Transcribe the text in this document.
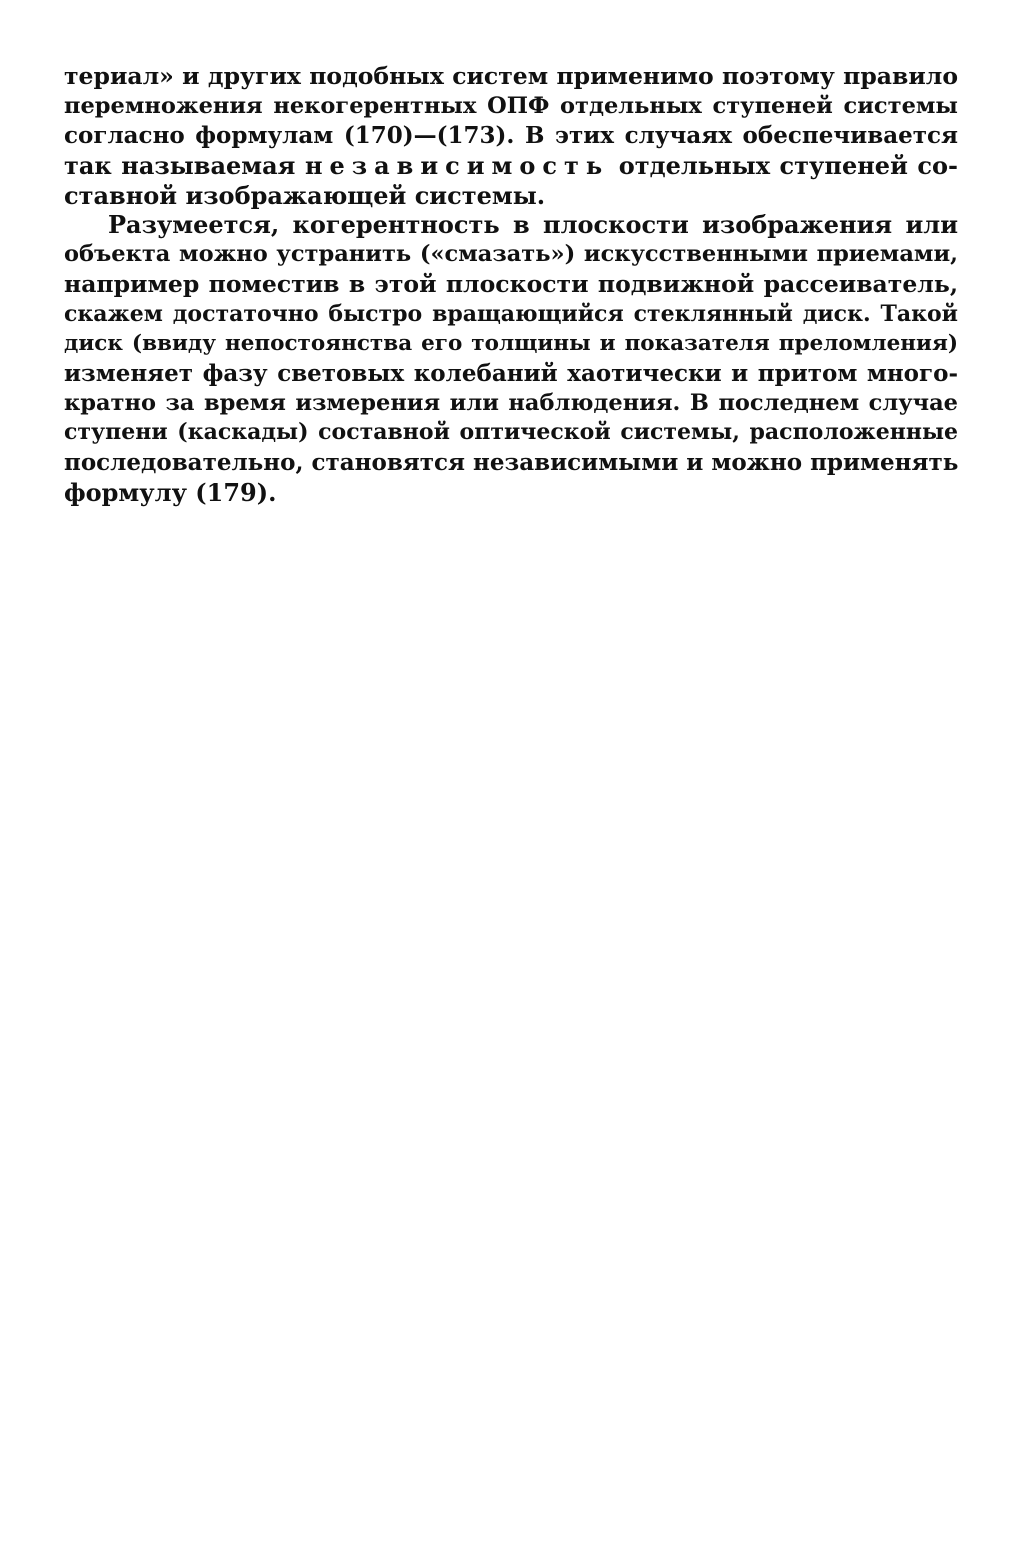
териал» и других подобных систем применимо поэтому правило
перемножения некогерентных ОПФ отдельных ступеней системы
согласно формулам (170)—(173). В этих случаях обеспечивается
так называемая независимость отдельных ступеней со-
ставной изображающей системы.
Разумеется, когерентность в плоскости изображения или
объекта можно устранить («смазать») искусственными приемами,
например поместив в этой плоскости подвижной рассеиватель,
скажем достаточно быстро вращающийся стеклянный диск. Такой
диск (ввиду непостоянства его толщины и показателя преломления)
изменяет фазу световых колебаний хаотически и притом много-
кратно за время измерения или наблюдения. В последнем случае
ступени (каскады) составной оптической системы, расположенные
последовательно, становятся независимыми и можно применять
формулу (179).
